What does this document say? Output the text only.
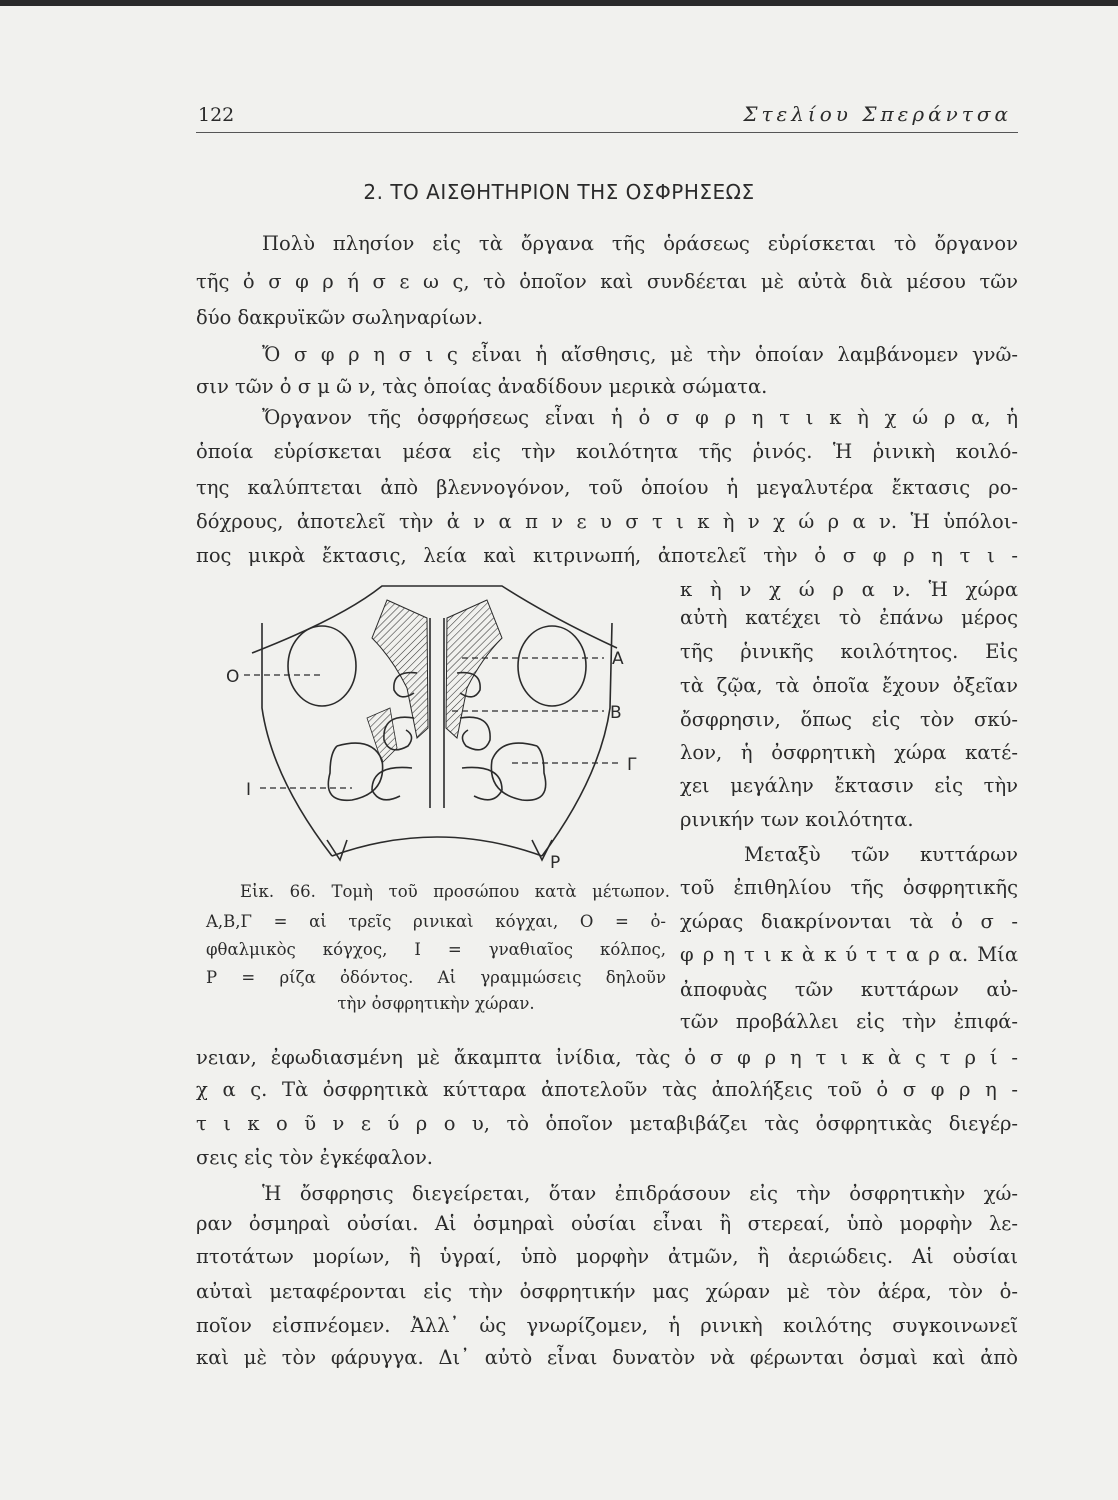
122	Στελίου Σπεράντσα
2. ΤΟ ΑΙΣΘΗΤΗΡΙΟΝ ΤΗΣ ΟΣΦΡΗΣΕΩΣ
Πολὺ πλησίον εἰς τὰ ὄργανα τῆς ὁράσεως εὑρίσκεται τὸ ὄργανον
τῆς ὀ σ φ ρ ή σ ε ω ς, τὸ ὁποῖον καὶ συνδέεται μὲ αὐτὰ διὰ μέσου τῶν
δύο δακρυϊκῶν σωληναρίων.
Ὄ σ φ ρ η σ ι ς εἶναι ἡ αἴσθησις, μὲ τὴν ὁποίαν λαμβάνομεν γνῶ-
σιν τῶν ὀ σ μ ῶ ν, τὰς ὁποίας ἀναδίδουν μερικὰ σώματα.
Ὄργανον τῆς ὀσφρήσεως εἶναι ἡ ὀ σ φ ρ η τ ι κ ὴ χ ώ ρ α, ἡ
ὁποία εὑρίσκεται μέσα εἰς τὴν κοιλότητα τῆς ῥινός. Ἡ ῥινικὴ κοιλό-
της καλύπτεται ἀπὸ βλεννογόνον, τοῦ ὁποίου ἡ μεγαλυτέρα ἔκτασις ρο-
δόχρους, ἀποτελεῖ τὴν ἀ ν α π ν ε υ σ τ ι κ ὴ ν χ ώ ρ α ν. Ἡ ὑπόλοι-
πος μικρὰ ἔκτασις, λεία καὶ κιτρινωπή, ἀποτελεῖ τὴν ὀ σ φ ρ η τ ι -
κ ὴ ν χ ώ ρ α ν. Ἡ χώρα
αὐτὴ κατέχει τὸ ἐπάνω μέρος
τῆς ῥινικῆς κοιλότητος. Εἰς
τὰ ζῷα, τὰ ὁποῖα ἔχουν ὀξεῖαν
ὄσφρησιν, ὅπως εἰς τὸν σκύ-
λον, ἡ ὀσφρητικὴ χώρα κατέ-
χει μεγάλην ἔκτασιν εἰς τὴν
ρινικήν των κοιλότητα.
Μεταξὺ τῶν κυττάρων
τοῦ ἐπιθηλίου τῆς ὀσφρητικῆς
χώρας διακρίνονται τὰ ὀ σ -
φ ρ η τ ι κ ὰ κ ύ τ τ α ρ α. Μία
ἀποφυὰς τῶν κυττάρων αὐ-
τῶν προβάλλει εἰς τὴν ἐπιφά-
A
B
Γ
O
I
P
Εἰκ. 66. Τομὴ τοῦ προσώπου κατὰ μέτωπον.
Α,Β,Γ = αἱ τρεῖς ρινικαὶ κόγχαι, Ο = ὀ-
φθαλμικὸς κόγχος, Ι = γναθιαῖος κόλπος,
Ρ = ρίζα ὀδόντος. Αἱ γραμμώσεις δηλοῦν
τὴν ὀσφρητικὴν χώραν.
νειαν, ἐφωδιασμένη μὲ ἄκαμπτα ἰνίδια, τὰς ὀ σ φ ρ η τ ι κ ὰ ς τ ρ ί -
χ α ς. Τὰ ὀσφρητικὰ κύτταρα ἀποτελοῦν τὰς ἀπολήξεις τοῦ ὀ σ φ ρ η -
τ ι κ ο ῦ ν ε ύ ρ ο υ, τὸ ὁποῖον μεταβιβάζει τὰς ὀσφρητικὰς διεγέρ-
σεις εἰς τὸν ἐγκέφαλον.
Ἡ ὄσφρησις διεγείρεται, ὅταν ἐπιδράσουν εἰς τὴν ὀσφρητικὴν χώ-
ραν ὀσμηραὶ οὐσίαι. Αἱ ὀσμηραὶ οὐσίαι εἶναι ἢ στερεαί, ὑπὸ μορφὴν λε-
πτοτάτων μορίων, ἢ ὑγραί, ὑπὸ μορφὴν ἀτμῶν, ἢ ἀεριώδεις. Αἱ οὐσίαι
αὐταὶ μεταφέρονται εἰς τὴν ὀσφρητικήν μας χώραν μὲ τὸν ἀέρα, τὸν ὁ-
ποῖον εἰσπνέομεν. Ἀλλ᾽ ὡς γνωρίζομεν, ἡ ρινικὴ κοιλότης συγκοινωνεῖ
καὶ μὲ τὸν φάρυγγα. Δι᾽ αὐτὸ εἶναι δυνατὸν νὰ φέρωνται ὀσμαὶ καὶ ἀπὸ
